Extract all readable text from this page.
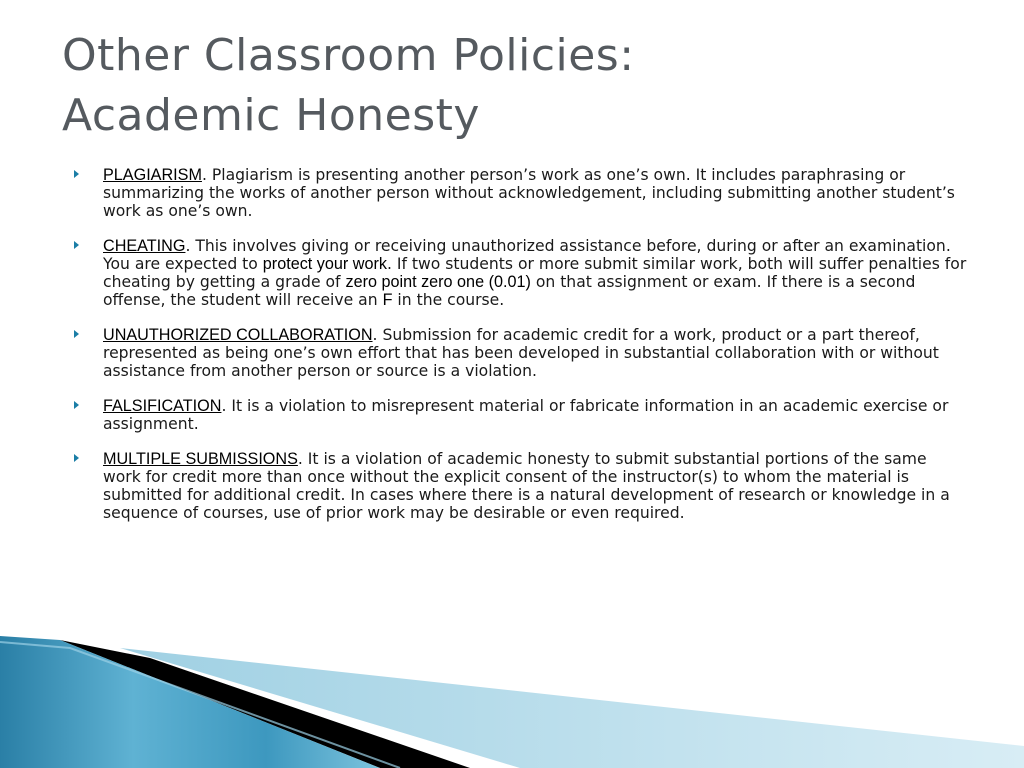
Other Classroom Policies:
Academic Honesty
PLAGIARISM. Plagiarism is presenting another person’s work as one’s own. It includes paraphrasing or summarizing the works of another person without acknowledgement, including submitting another student’s work as one’s own.
CHEATING. This involves giving or receiving unauthorized assistance before, during or after an examination. You are expected to protect your work. If two students or more submit similar work, both will suffer penalties for cheating by getting a grade of zero point zero one (0.01) on that assignment or exam. If there is a second offense, the student will receive an F in the course.
UNAUTHORIZED COLLABORATION. Submission for academic credit for a work, product or a part thereof, represented as being one’s own effort that has been developed in substantial collaboration with or without assistance from another person or source is a violation.
FALSIFICATION. It is a violation to misrepresent material or fabricate information in an academic exercise or assignment.
MULTIPLE SUBMISSIONS. It is a violation of academic honesty to submit substantial portions of the same work for credit more than once without the explicit consent of the instructor(s) to whom the material is submitted for additional credit. In cases where there is a natural development of research or knowledge in a sequence of courses, use of prior work may be desirable or even required.
